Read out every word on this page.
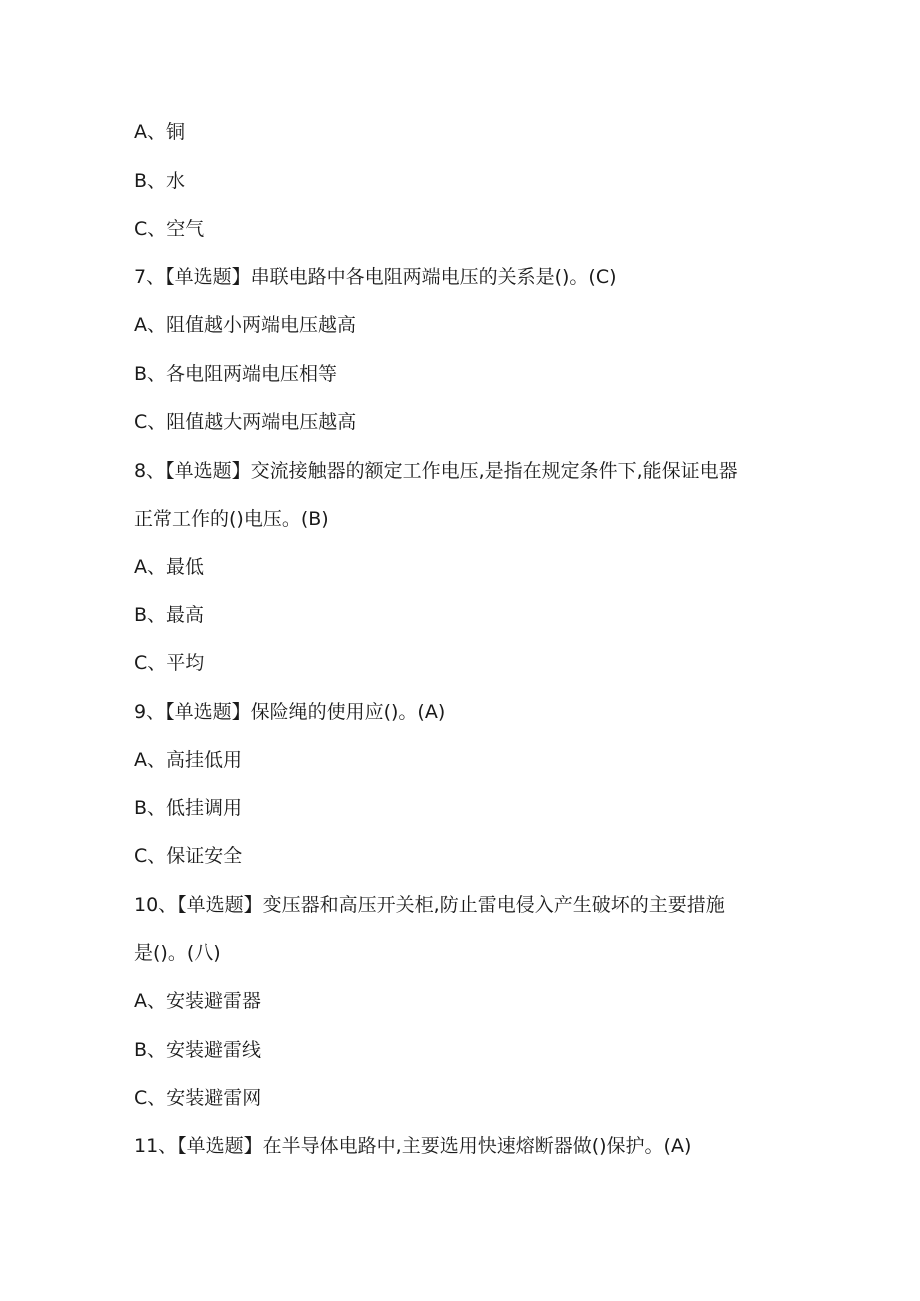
A、铜
B、水
C、空气
7、【单选题】串联电路中各电阻两端电压的关系是()。(C)
A、阻值越小两端电压越高
B、各电阻两端电压相等
C、阻值越大两端电压越高
8、【单选题】交流接触器的额定工作电压,是指在规定条件下,能保证电器
正常工作的()电压。(B)
A、最低
B、最高
C、平均
9、【单选题】保险绳的使用应()。(A)
A、高挂低用
B、低挂调用
C、保证安全
10、【单选题】变压器和高压开关柜,防止雷电侵入产生破坏的主要措施
是()。(八)
A、安装避雷器
B、安装避雷线
C、安装避雷网
11、【单选题】在半导体电路中,主要选用快速熔断器做()保护。(A)
